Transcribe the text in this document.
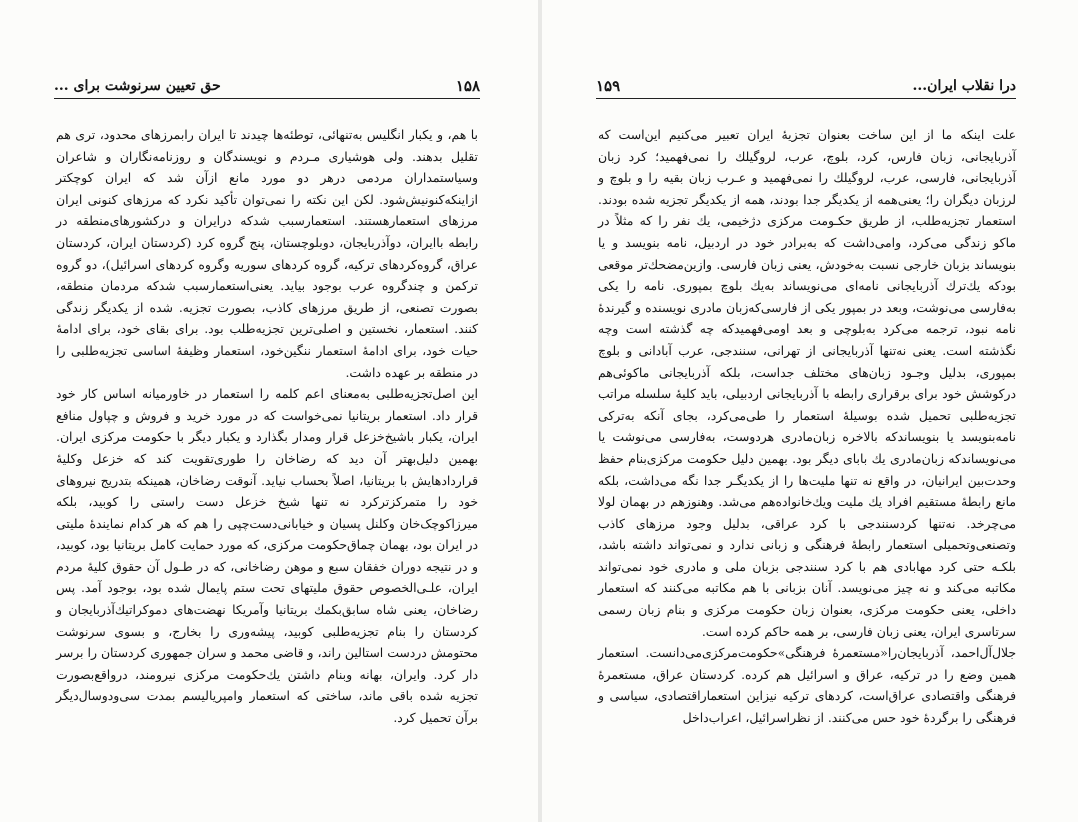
۱۵۸
حق تعیین سرنوشت برای ...

با هم، و یکبار انگلیس به‌تنهائی، توطئه‌ها چیدند تا ایران را‌بمرزهای محدود، تری هم تقلیل بدهند. ولی هوشیاری مـردم و نویسندگان و روزنامه‌نگاران و شاعران وسیاستمداران مردمی درهر دو مورد مانع ازآن شد که ایران کوچکتر ازاینکه‌کنونیش‌شود. لکن این نکته را نمی‌توان تأکید نکرد که مرزهای کنونی ایران مرزهای استعمار‌هستند. استعمار‌سبب شدکه درایران و درکشورهای‌منطقه در رابطه باایران، دوآذربایجان، دوبلوچستان، پنج گروه کرد (کردستان ایران، کردستان عراق، گروه‌کردهای ترکیه، گروه کردهای سوریه وگروه کردهای اسرائیل)، دو گروه ترکمن و چندگروه عرب بوجود بیاید. یعنی‌استعمار‌سبب شدکه مردمان منطقه، بصورت تصنعی، از طریق مرزهای کاذب، بصورت تجزیه‌. شده از یکدیگر زندگی کنند. استعمار، نخستین و اصلی‌ترین تجزیه‌طلب بود. برای بقای خود، برای ادامهٔ حیات خود، برای ادامهٔ استعمار ننگین‌خود، استعمار وظیفهٔ اساسی تجزیه‌طلبی را در منطقه بر عهده داشت.

این اصل‌تجزیه‌طلبی به‌معنای اعم کلمه را استعمار در خاورمیانه اساس کار خود قرار داد. استعمار بریتانیا نمی‌خواست که در مورد خرید و فروش و چپاول منافع ایران، یکبار باشیخ‌خزعل قرار ومدار بگذارد و یکبار دیگر با حکومت مرکزی ایران. بهمین دلیل‌بهتر آن دید که رضاخان را طوری‌تقویت کند که خزعل وکلیهٔ قراردادهایش با بریتانیا، اصلاً بحساب نیاید. آنوقت رضاخان، همینکه بتدریج نیروهای خود را متمرکزترکرد نه تنها شیخ خزعل دست راستی را کوبید، بلکه میرزا‌کوچک‌خان وکلنل پسیان و خیابانی‌دست‌چپی را هم که هر کدام نمایندهٔ ملیتی در ایران بود، بهمان چماق‌حکومت مرکزی، که مورد حمایت کامل بریتانیا بود، کوبید، و در نتیجه دوران خفقان سبع و موهن رضاخانی، که در طـول آن حقوق کلیهٔ مردم ایران، علـی‌الخصوص حقوق ملیتهای تحت ستم پایمال شده بود، بوجود آمد. پس رضاخان، یعنی شاه سابق‌بکمك بریتانیا وآمریکا نهضت‌های دموکراتیك‌آذربایجان و کردستان را بنام تجزیه‌طلبی کوبید، پیشه‌وری را بخارج، و بسوی سرنوشت محتومش دردست استالین راند، و قاضی محمد و سران جمهوری کردستان را برسر دار کرد. وایران، بهانه وبنام داشتن یك‌حکومت مرکزی نیرومند، درواقع‌بصورت تجزیه شده باقی ماند، ساختی که استعمار وامپریالیسم بمدت سی‌ودوسال‌دیگر برآن تحمیل کرد.

درا نقلاب ایران...
۱۵۹

علت اینکه ما از این ساخت بعنوان تجزیهٔ ایران تعبیر می‌کنیم این‌است که آذربایجانی، زبان فارس، کرد، بلوچ، عرب، لرو‌گیلك را نمی‌فهمید؛ کرد زبان آذربایجانی، فارسی، عرب، لرو‌گیلك را نمی‌فهمید و عـرب زبان بقیه را و بلوچ و لرزبان دیگران را؛ یعنی‌همه از یکدیگر جدا بودند، همه از یکدیگر تجزیه شده بودند. استعمار تجزیه‌طلب، از طریق حکـومت مرکزی دژخیمی، یك نفر را که مثلاً در ماکو زندگی می‌کرد، وامی‌داشت که به‌برادر خود در اردبیل، نامه بنویسد و یا بنویساند بزبان خارجی نسبت به‌خودش، یعنی زبان فارسی. وازین‌مضحك‌تر موقعی بودکه یك‌ترك آذربایجانی نامه‌ای می‌نویساند به‌یك بلوچ بمپوری. نامه را یکی به‌فارسی می‌نوشت، وبعد در بمپور یکی از فارسی‌که‌زبان مادری نویسنده و گیرندهٔ نامه نبود، ترجمه می‌کرد به‌بلوچی و بعد اومی‌فهمیدکه چه گذشته است وچه نگذشته است. یعنی نه‌تنها آذربایجانی از تهرانی، سنندجی، عرب آبادانی و بلوچ بمپوری، بدلیل وجـود زبان‌های مختلف جداست، بلکه آذربایجانی ماکوئی‌هم در‌کوشش خود برای برقراری رابطه با آذربایجانی اردبیلی، باید کلیهٔ سلسله مراتب تجزیه‌طلبی تحمیل شده بوسیلهٔ استعمار را طی‌می‌کرد، بجای آنکه به‌ترکی نامه‌بنویسد یا بنویساندکه بالاخره زبان‌مادری هردوست، به‌فارسی می‌نوشت یا می‌نویساندکه زبان‌مادری یك بابای دیگر بود. بهمین دلیل حکومت مرکزی‌بنام حفظ وحدت‌بین ایرانیان، در واقع نه تنها ملیت‌ها را از یکدیگـر جدا نگه می‌داشت، بلکه مانع رابطهٔ مستقیم افراد یك ملیت ویك‌خانواده‌هم‌ می‌شد. وهنوزهم در بهمان لولا می‌چرخد. نه‌تنها کردسنندجی با کرد عراقی، بدلیل وجود مرزهای کاذب وتصنعی‌وتحمیلی استعمار رابطهٔ فرهنگی و زبانی ندارد و نمی‌تواند داشته باشد، بلکـه حتی کرد مهابادی هم با کرد سنندجی بزبان ملی و مادری خود نمی‌تواند مکاتبه می‌کند و نه چیز می‌نویسد. آنان بزبانی با هم مکاتبه می‌کنند که استعمار داخلی، یعنی حکومت مرکزی، بعنوان زبان حکومت مرکزی و بنام زبان رسمی سرتاسری ایران، یعنی زبان فارسی، بر همه حاکم کرده است.

جلال‌آل‌احمد، آذربایجان‌را«مستعمرهٔ فرهنگی»حکومت‌مرکزی‌می‌دانست. استعمار همین وضع را در ترکیه، عراق و اسرائیل هم کرده. کردستان عراق، مستعمرهٔ فرهنگی واقتصادی عراق‌است، کردهای ترکیه نیزاین استعماراقتصادی، سیاسی و فرهنگی را برگردهٔ خود حس می‌کنند. از نظراسرائیل، اعراب‌داخل
